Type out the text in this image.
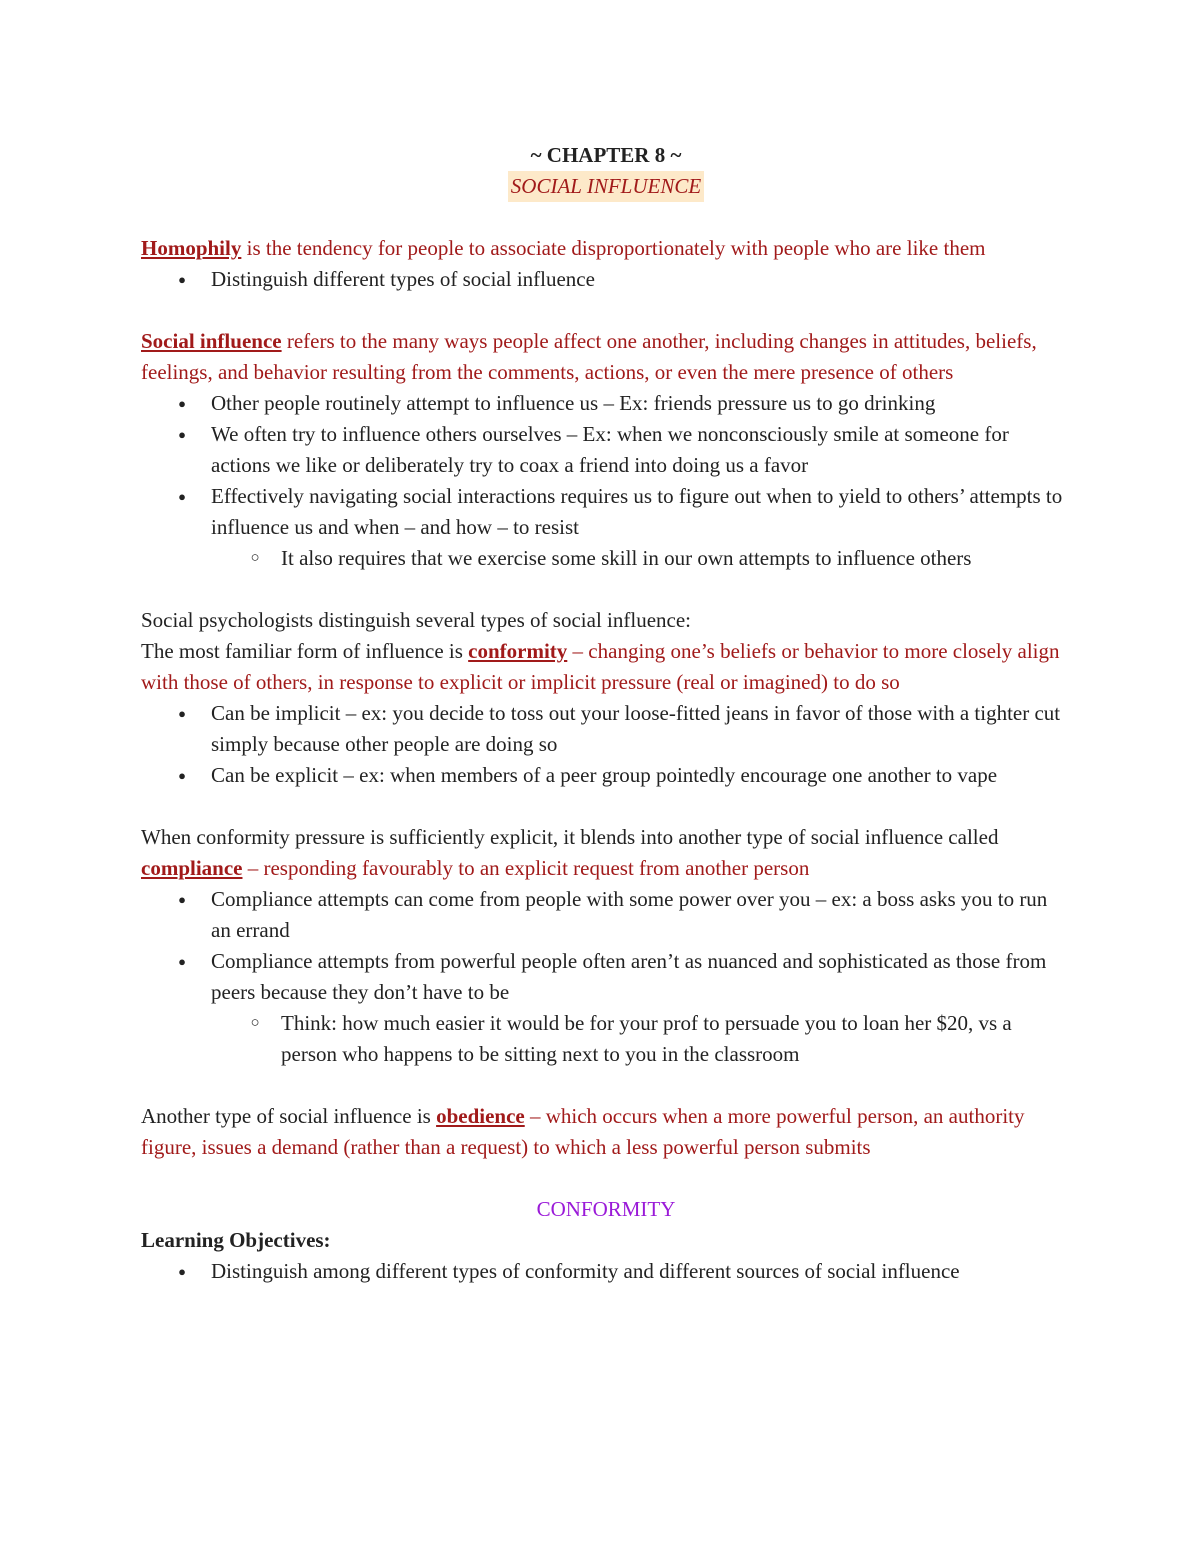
~ CHAPTER 8 ~
SOCIAL INFLUENCE
Homophily is the tendency for people to associate disproportionately with people who are like them
● Distinguish different types of social influence
Social influence refers to the many ways people affect one another, including changes in attitudes, beliefs, feelings, and behavior resulting from the comments, actions, or even the mere presence of others
● Other people routinely attempt to influence us – Ex: friends pressure us to go drinking
● We often try to influence others ourselves – Ex: when we nonconsciously smile at someone for actions we like or deliberately try to coax a friend into doing us a favor
● Effectively navigating social interactions requires us to figure out when to yield to others’ attempts to influence us and when – and how – to resist
○ It also requires that we exercise some skill in our own attempts to influence others
Social psychologists distinguish several types of social influence:
The most familiar form of influence is conformity – changing one’s beliefs or behavior to more closely align with those of others, in response to explicit or implicit pressure (real or imagined) to do so
● Can be implicit – ex: you decide to toss out your loose-fitted jeans in favor of those with a tighter cut simply because other people are doing so
● Can be explicit – ex: when members of a peer group pointedly encourage one another to vape
When conformity pressure is sufficiently explicit, it blends into another type of social influence called compliance – responding favourably to an explicit request from another person
● Compliance attempts can come from people with some power over you – ex: a boss asks you to run an errand
● Compliance attempts from powerful people often aren’t as nuanced and sophisticated as those from peers because they don’t have to be
○ Think: how much easier it would be for your prof to persuade you to loan her $20, vs a person who happens to be sitting next to you in the classroom
Another type of social influence is obedience – which occurs when a more powerful person, an authority figure, issues a demand (rather than a request) to which a less powerful person submits
CONFORMITY
Learning Objectives:
● Distinguish among different types of conformity and different sources of social influence
